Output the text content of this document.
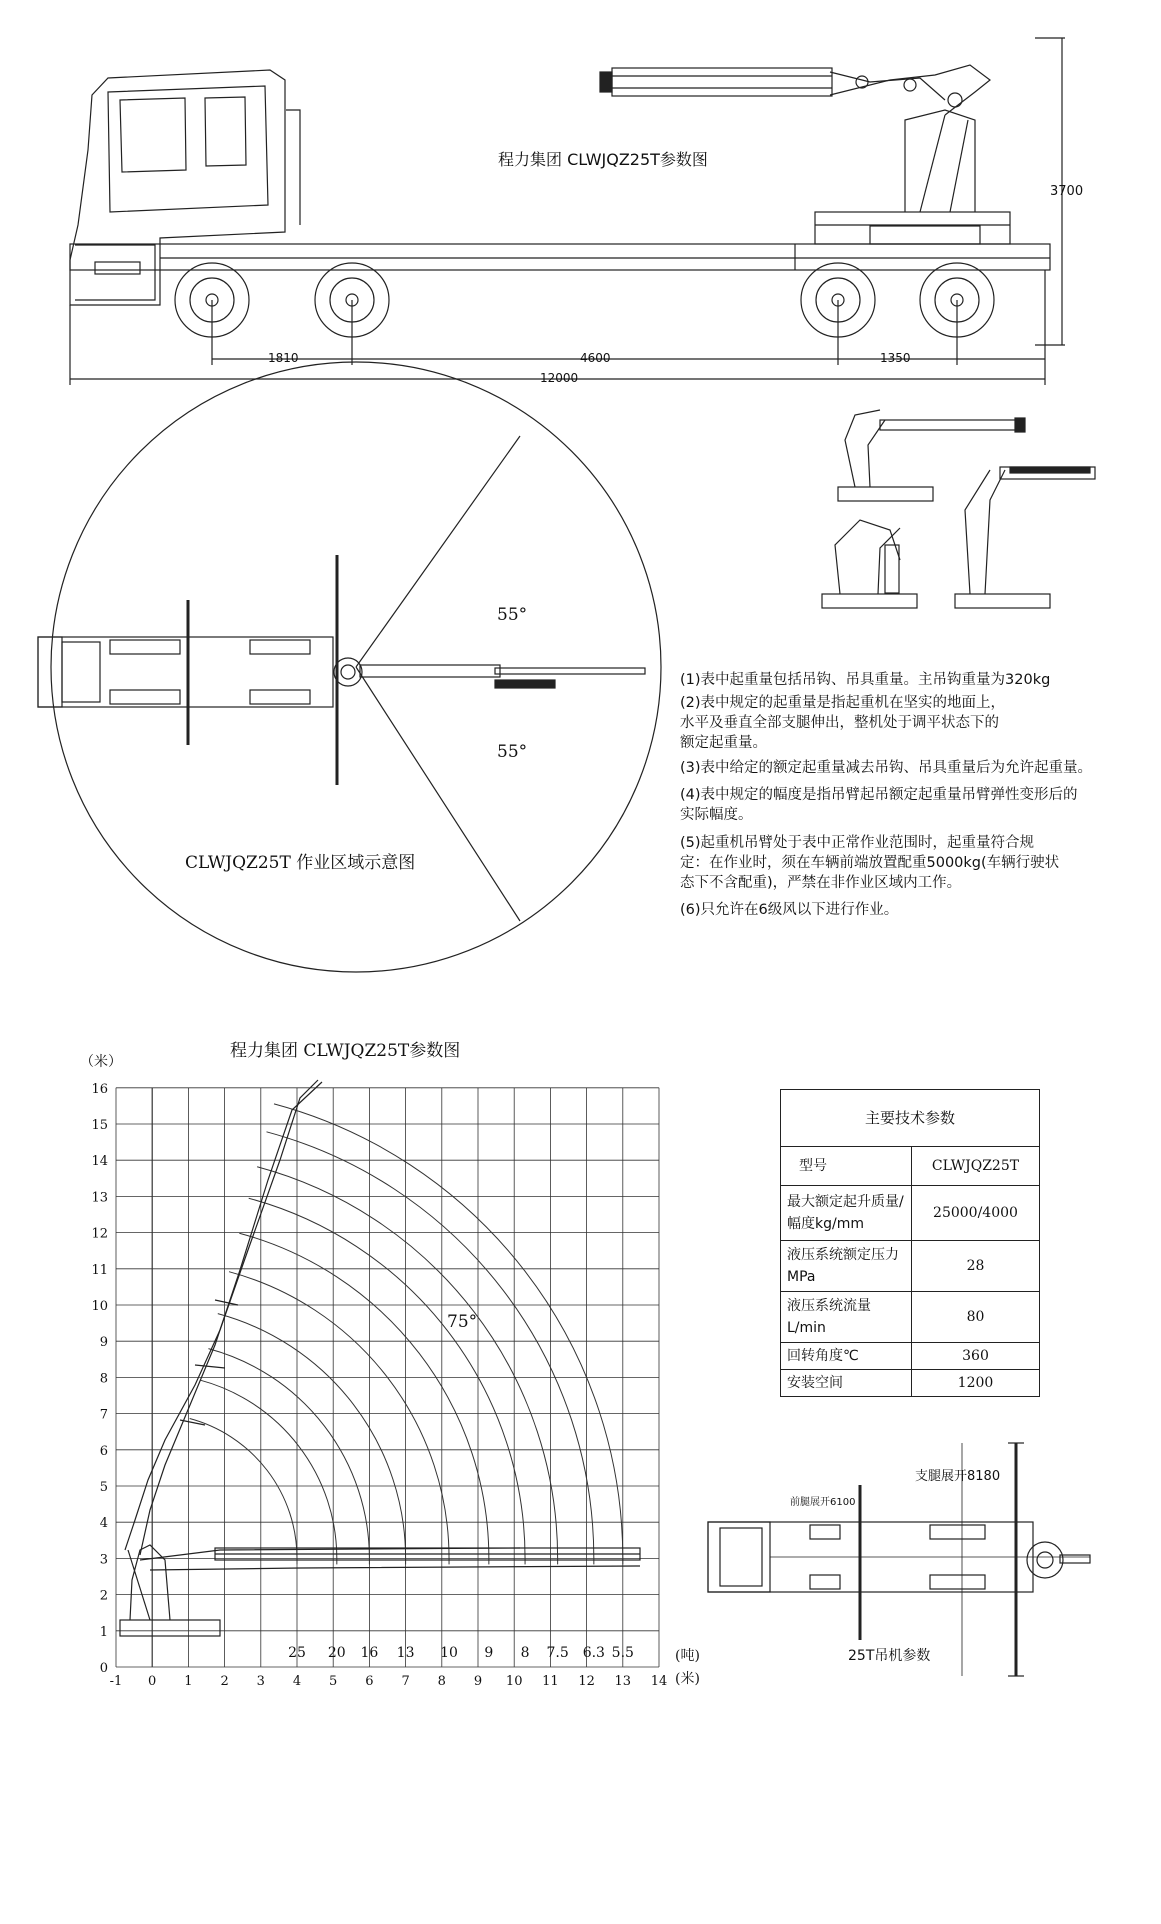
程力集团 CLWJQZ25T参数图
3700
1810	4600	1350
12000
55°
55°
CLWJQZ25T 作业区域示意图
程力集团 CLWJQZ25T参数图
（米）
0
1
2
3
4
5
6
7
8
9
10
11
12
13
14
15
16
-1 0 1 2 3 4 5 6 7 8 9 10 11 12 13 14
25 20 16 13 10 9 8 7.5 6.3 5.5
75°
(吨)
(米)
前腿展开6100
支腿展开8180
25T吊机参数
(1)表中起重量包括吊钩、吊具重量。主吊钩重量为320kg
(2)表中规定的起重量是指起重机在坚实的地面上，
水平及垂直全部支腿伸出，整机处于调平状态下的
额定起重量。
(3)表中给定的额定起重量减去吊钩、吊具重量后为允许起重量。
(4)表中规定的幅度是指吊臂起吊额定起重量吊臂弹性变形后的
实际幅度。
(5)起重机吊臂处于表中正常作业范围时，起重量符合规
定：在作业时，须在车辆前端放置配重5000kg(车辆行驶状
态下不含配重)，严禁在非作业区域内工作。
(6)只允许在6级风以下进行作业。
主要技术参数	
型号	CLWJQZ25T
最大额定起升质量/幅度kg/mm	25000/4000
液压系统额定压力MPa	28
液压系统流量L/min	80
回转角度℃	360
安装空间	1200
